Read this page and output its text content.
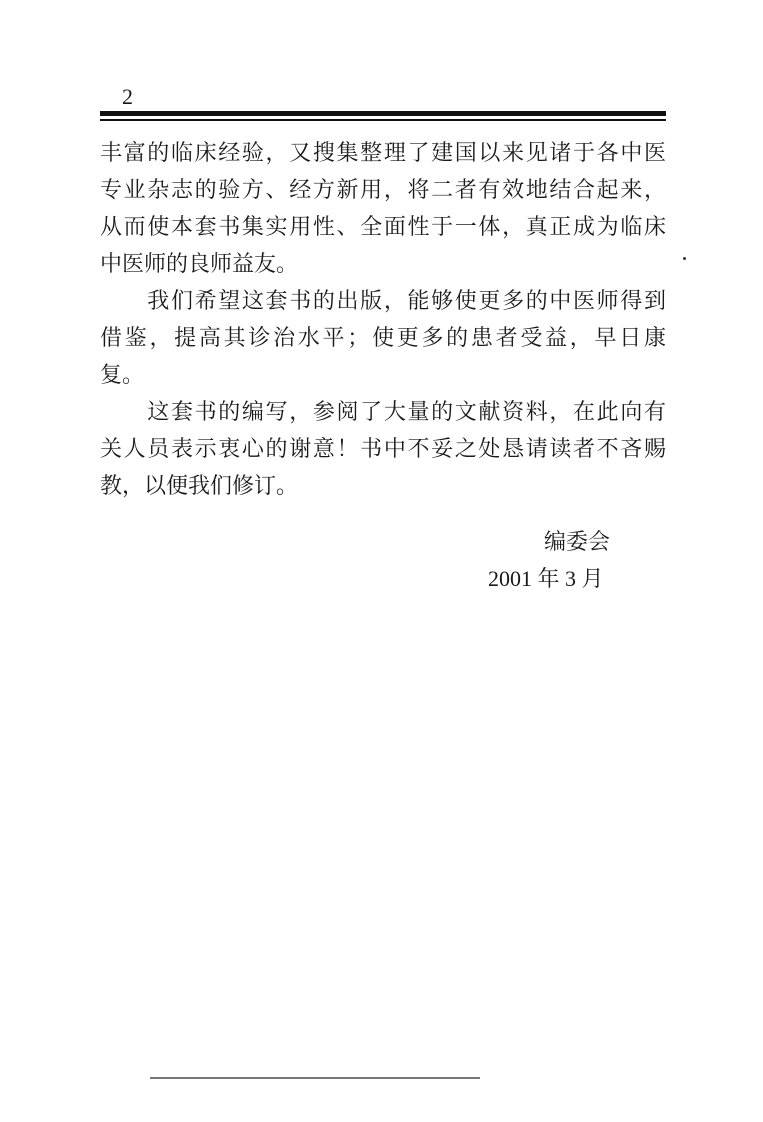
2
丰富的临床经验，又搜集整理了建国以来见诸于各中医
专业杂志的验方、经方新用，将二者有效地结合起来，
从而使本套书集实用性、全面性于一体，真正成为临床
中医师的良师益友。
　　我们希望这套书的出版，能够使更多的中医师得到
借鉴，提高其诊治水平；使更多的患者受益，早日康
复。
　　这套书的编写，参阅了大量的文献资料，在此向有
关人员表示衷心的谢意！书中不妥之处恳请读者不吝赐
教，以便我们修订。
编委会
2001 年 3 月
